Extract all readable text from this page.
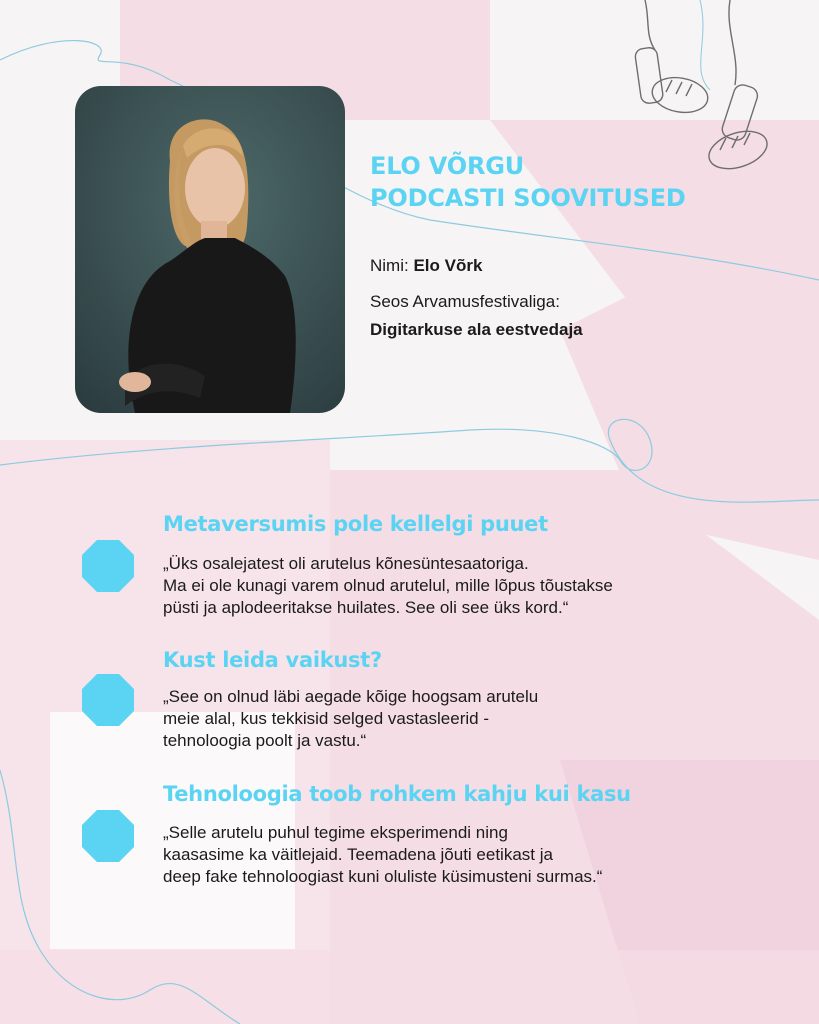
ELO VÕRGU
PODCASTI SOOVITUSED
Nimi: Elo Võrk
Seos Arvamusfestivaliga:
Digitarkuse ala eestvedaja
Metaversumis pole kellelgi puuet
„Üks osalejatest oli arutelus kõnesüntesaatoriga.
Ma ei ole kunagi varem olnud arutelul, mille lõpus tõustakse
püsti ja aplodeeritakse huilates. See oli see üks kord.“
Kust leida vaikust?
„See on olnud läbi aegade kõige hoogsam arutelu
meie alal, kus tekkisid selged vastasleerid -
tehnoloogia poolt ja vastu.“
Tehnoloogia toob rohkem kahju kui kasu
„Selle arutelu puhul tegime eksperimendi ning
kaasasime ka väitlejaid. Teemadena jõuti eetikast ja
deep fake tehnoloogiast kuni oluliste küsimusteni surmas.“
